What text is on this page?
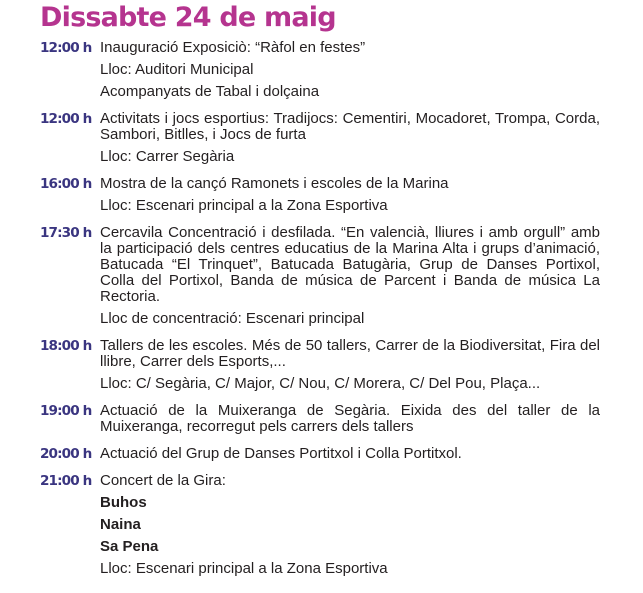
Dissabte 24 de maig
12:00 h Inauguració Exposiciò: “Ràfol en festes”

Lloc: Auditori Municipal
Acompanyats de Tabal i dolçaina
12:00 h Activitats i jocs esportius: Tradijocs: Cementiri, Mocadoret, Trompa, Corda, Sambori, Bitlles, i Jocs de furta

Lloc: Carrer Segària
16:00 h Mostra de la cançó Ramonets i escoles de la Marina

Lloc: Escenari principal a la Zona Esportiva
17:30 h Cercavila Concentració i desfilada. “En valencià, lliures i amb orgull” amb la participació dels centres educatius de la Marina Alta i grups d’animació, Batucada “El Trinquet”, Batucada Batugària, Grup de Danses Portixol, Colla del Portixol, Banda de música de Parcent i Banda de música La Rectoria.

Lloc de concentració: Escenari principal
18:00 h Tallers de les escoles. Més de 50 tallers, Carrer de la Biodiversitat, Fira del llibre, Carrer dels Esports,...

Lloc: C/ Segària, C/ Major, C/ Nou, C/ Morera, C/ Del Pou, Plaça...
19:00 h Actuació de la Muixeranga de Segària. Eixida des del taller de la Muixeranga, recorregut pels carrers dels tallers

20:00 h Actuació del Grup de Danses Portitxol i Colla Portitxol.

21:00 h Concert de la Gira:

Buhos
Naina
Sa Pena
Lloc: Escenari principal a la Zona Esportiva
